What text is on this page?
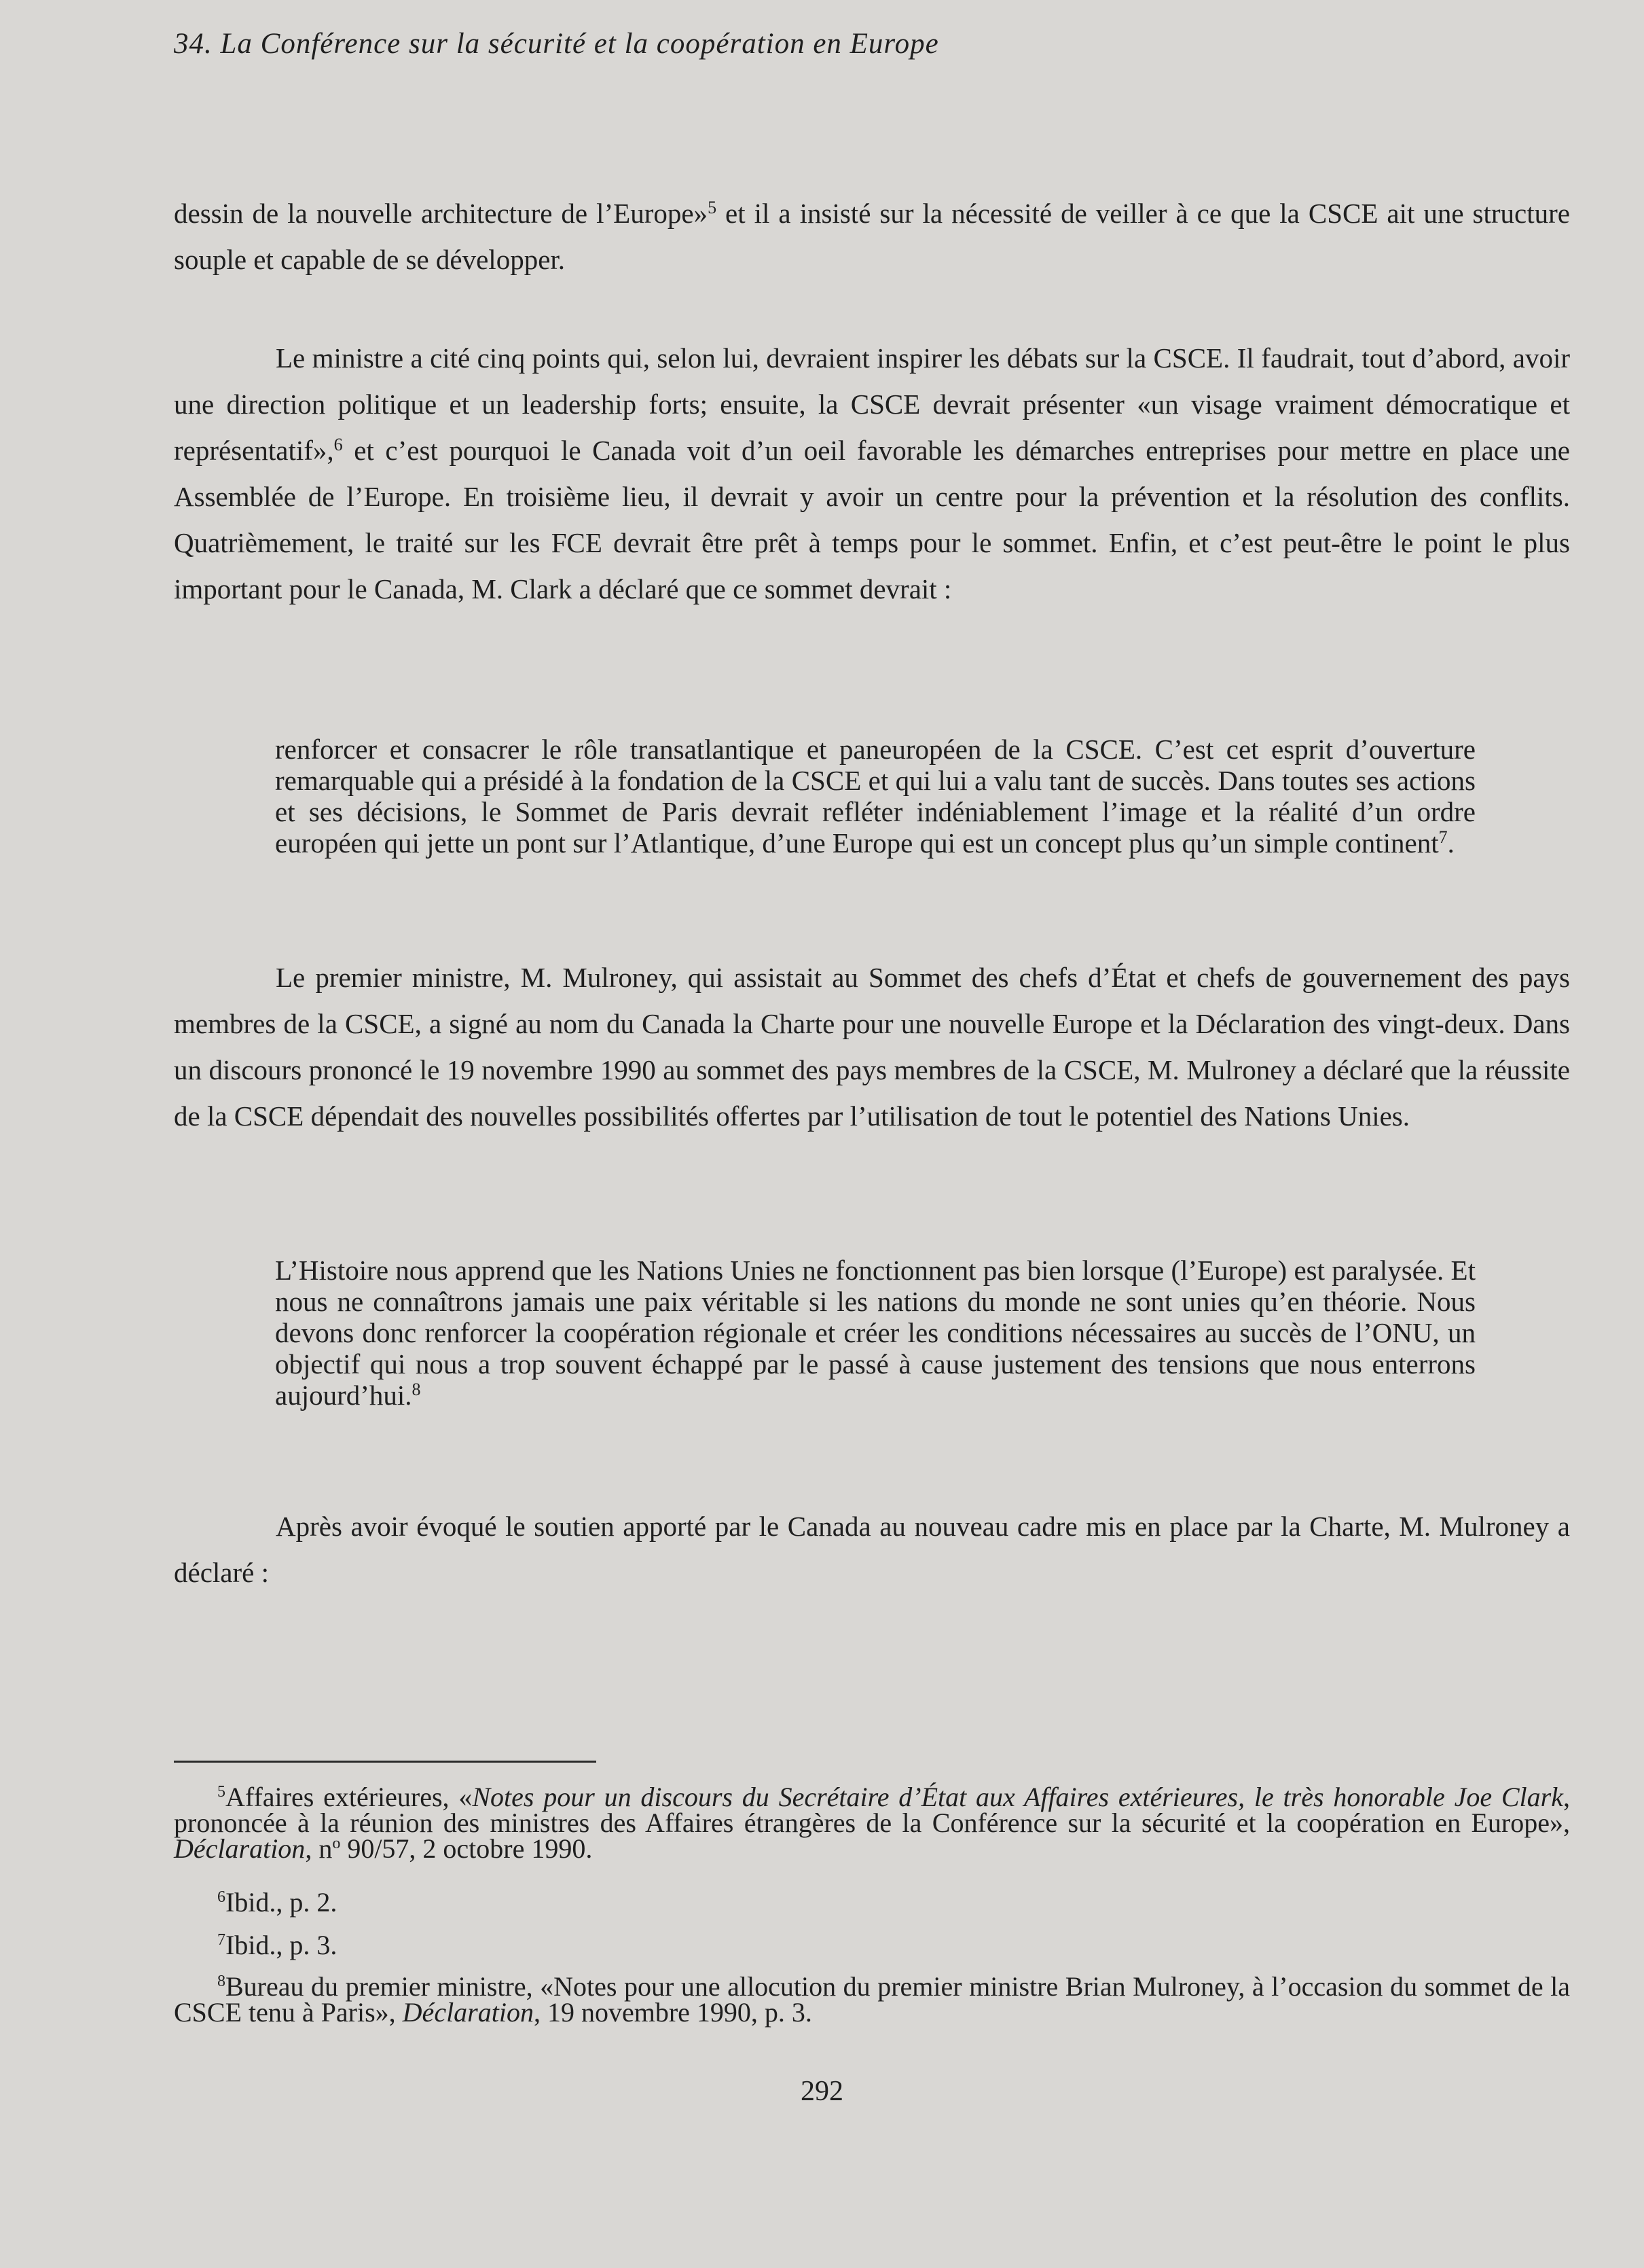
34. La Conférence sur la sécurité et la coopération en Europe

dessin de la nouvelle architecture de l’Europe»$^5$ et il a insisté sur la nécessité de veiller à ce que la CSCE ait une structure souple et capable de se développer.

Le ministre a cité cinq points qui, selon lui, devraient inspirer les débats sur la CSCE. Il faudrait, tout d’abord, avoir une direction politique et un leadership forts; ensuite, la CSCE devrait présenter «un visage vraiment démocratique et représentatif»,$^6$ et c’est pourquoi le Canada voit d’un oeil favorable les démarches entreprises pour mettre en place une Assemblée de l’Europe. En troisième lieu, il devrait y avoir un centre pour la prévention et la résolution des conflits. Quatrièmement, le traité sur les FCE devrait être prêt à temps pour le sommet. Enfin, et c’est peut-être le point le plus important pour le Canada, M. Clark a déclaré que ce sommet devrait :

renforcer et consacrer le rôle transatlantique et paneuropéen de la CSCE. C’est cet esprit d’ouverture remarquable qui a présidé à la fondation de la CSCE et qui lui a valu tant de succès. Dans toutes ses actions et ses décisions, le Sommet de Paris devrait refléter indéniablement l’image et la réalité d’un ordre européen qui jette un pont sur l’Atlantique, d’une Europe qui est un concept plus qu’un simple continent$^7$.

Le premier ministre, M. Mulroney, qui assistait au Sommet des chefs d’État et chefs de gouvernement des pays membres de la CSCE, a signé au nom du Canada la Charte pour une nouvelle Europe et la Déclaration des vingt-deux. Dans un discours prononcé le 19 novembre 1990 au sommet des pays membres de la CSCE, M. Mulroney a déclaré que la réussite de la CSCE dépendait des nouvelles possibilités offertes par l’utilisation de tout le potentiel des Nations Unies.

L’Histoire nous apprend que les Nations Unies ne fonctionnent pas bien lorsque (l’Europe) est paralysée. Et nous ne connaîtrons jamais une paix véritable si les nations du monde ne sont unies qu’en théorie. Nous devons donc renforcer la coopération régionale et créer les conditions nécessaires au succès de l’ONU, un objectif qui nous a trop souvent échappé par le passé à cause justement des tensions que nous enterrons aujourd’hui.$^8$

Après avoir évoqué le soutien apporté par le Canada au nouveau cadre mis en place par la Charte, M. Mulroney a déclaré :

$^5$Affaires extérieures, «Notes pour un discours du Secrétaire d’État aux Affaires extérieures, le très honorable Joe Clark, prononcée à la réunion des ministres des Affaires étrangères de la Conférence sur la sécurité et la coopération en Europe», Déclaration, $n^o$ 90/57, 2 octobre 1990.

$^6$Ibid., p. 2.

$^7$Ibid., p. 3.

$^8$Bureau du premier ministre, «Notes pour une allocution du premier ministre Brian Mulroney, à l’occasion du sommet de la CSCE tenu à Paris», Déclaration, 19 novembre 1990, p. 3.

292
